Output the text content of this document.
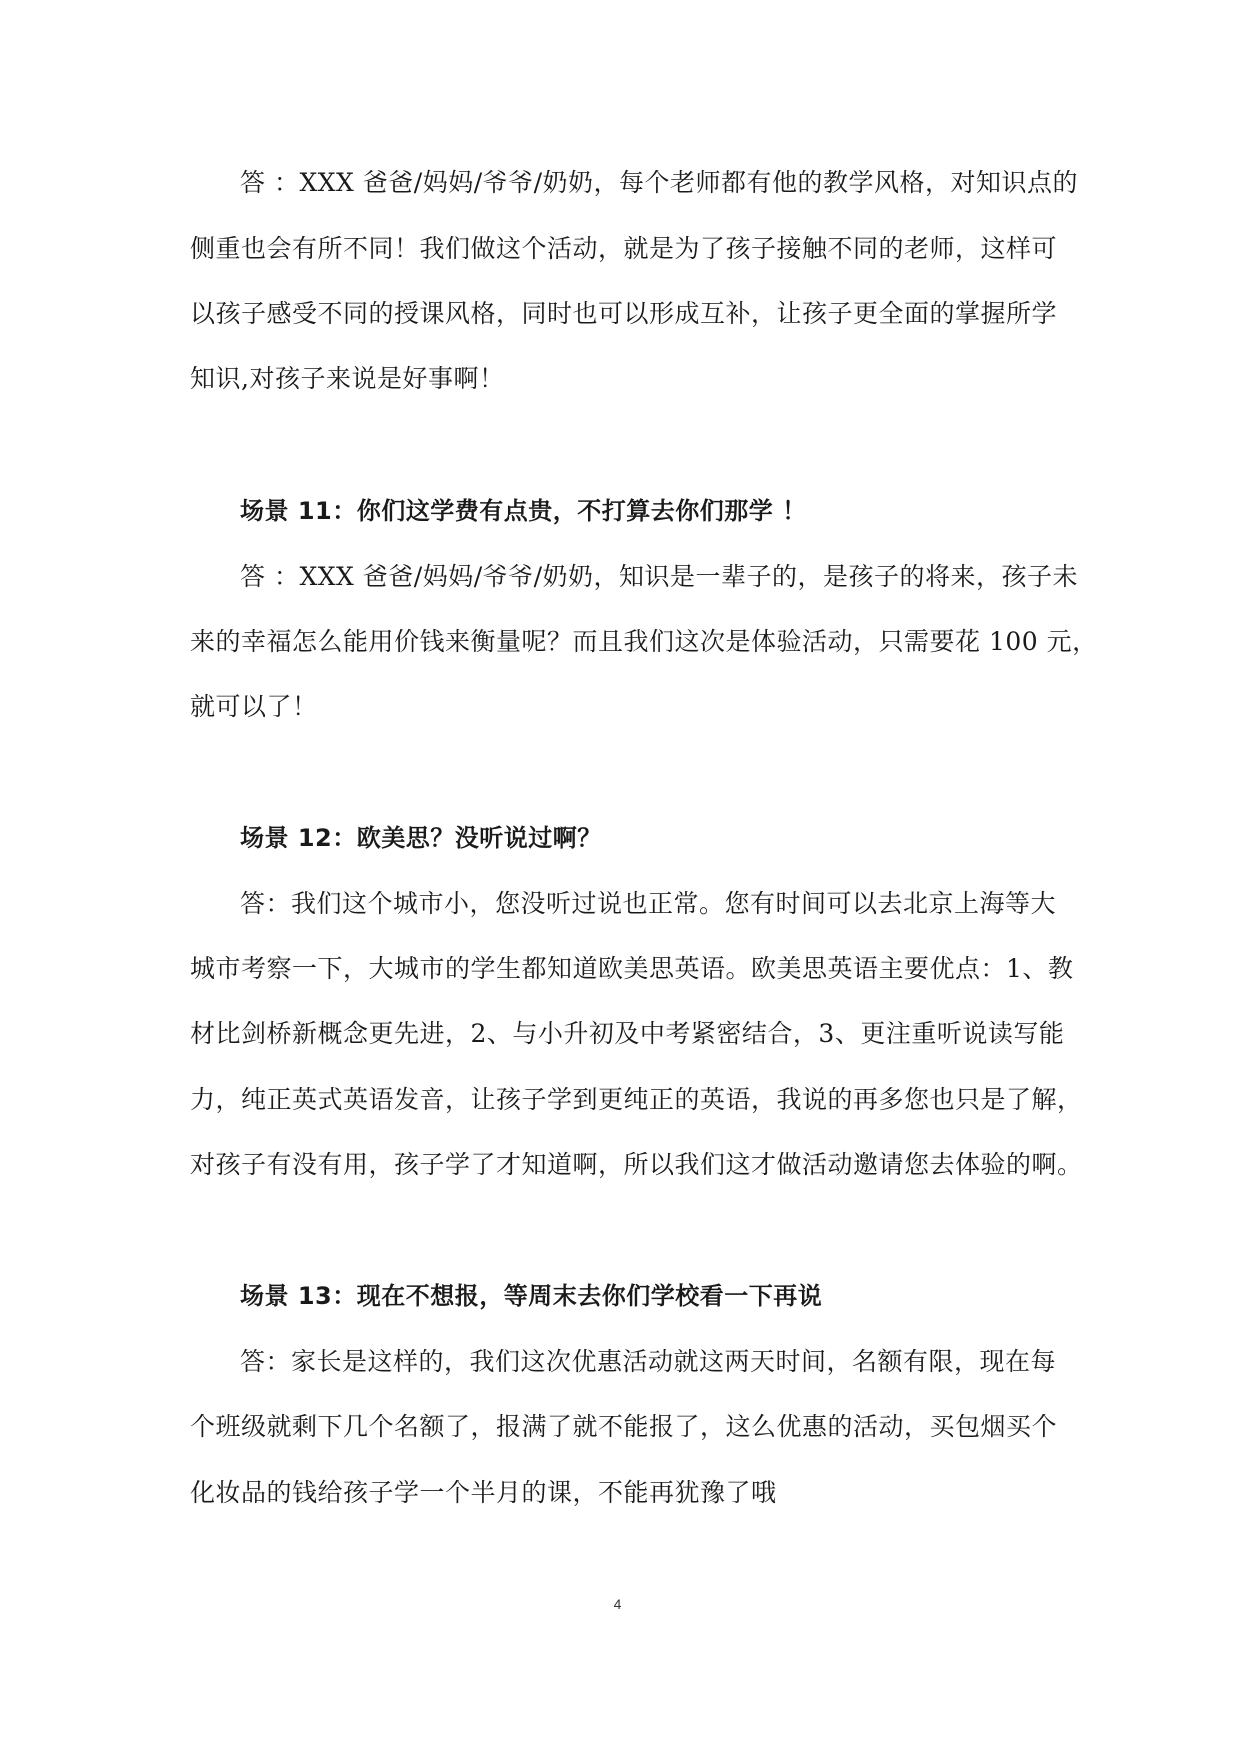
答 ：XXX 爸爸/妈妈/爷爷/奶奶，每个老师都有他的教学风格，对知识点的
侧重也会有所不同！我们做这个活动，就是为了孩子接触不同的老师，这样可
以孩子感受不同的授课风格，同时也可以形成互补，让孩子更全面的掌握所学
知识,对孩子来说是好事啊！
场景 11：你们这学费有点贵，不打算去你们那学 ！
答 ：XXX 爸爸/妈妈/爷爷/奶奶，知识是一辈子的，是孩子的将来，孩子未
来的幸福怎么能用价钱来衡量呢？而且我们这次是体验活动，只需要花 100 元，
就可以了！
场景 12：欧美思？没听说过啊？
答：我们这个城市小，您没听过说也正常。您有时间可以去北京上海等大
城市考察一下，大城市的学生都知道欧美思英语。欧美思英语主要优点：1、教
材比剑桥新概念更先进，2、与小升初及中考紧密结合，3、更注重听说读写能
力，纯正英式英语发音，让孩子学到更纯正的英语，我说的再多您也只是了解，
对孩子有没有用，孩子学了才知道啊，所以我们这才做活动邀请您去体验的啊。
场景 13：现在不想报，等周末去你们学校看一下再说
答：家长是这样的，我们这次优惠活动就这两天时间，名额有限，现在每
个班级就剩下几个名额了，报满了就不能报了，这么优惠的活动，买包烟买个
化妆品的钱给孩子学一个半月的课，不能再犹豫了哦
4
